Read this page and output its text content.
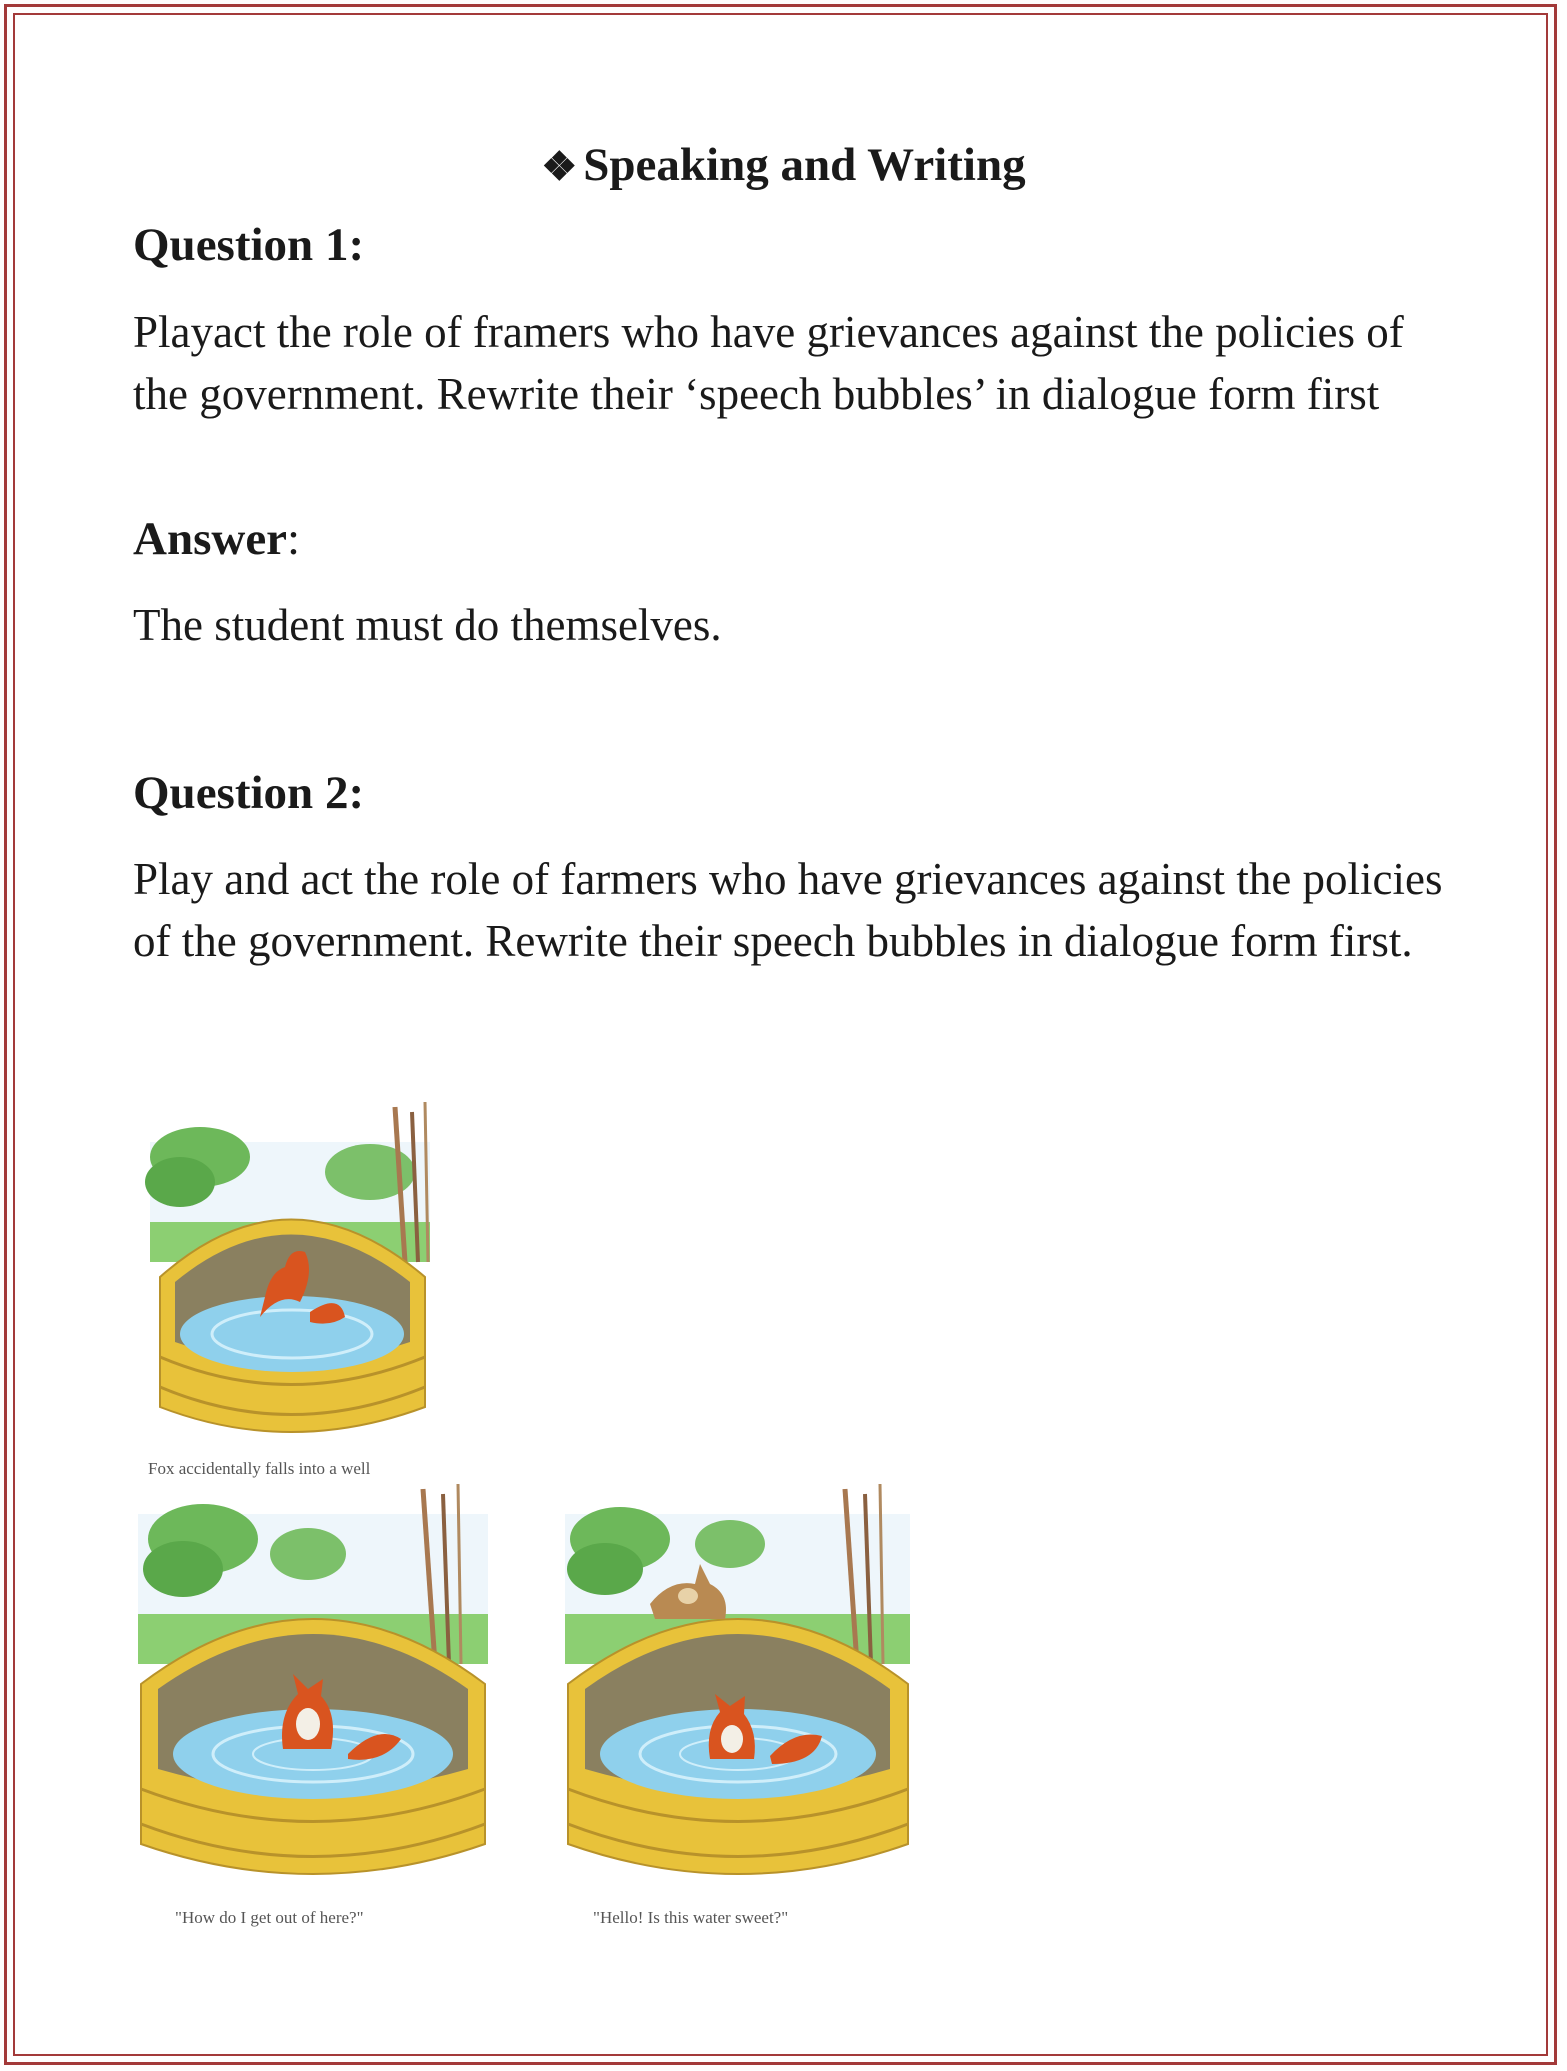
❖ Speaking and Writing
Question 1:
Playact the role of framers who have grievances against the policies of the government. Rewrite their ‘speech bubbles’ in dialogue form first
Answer:
The student must do themselves.
Question 2:
Play and act the role of farmers who have grievances against the policies of the government. Rewrite their speech bubbles in dialogue form first.
Fox accidentally falls into a well
"How do I get out of here?"	"Hello! Is this water sweet?"
